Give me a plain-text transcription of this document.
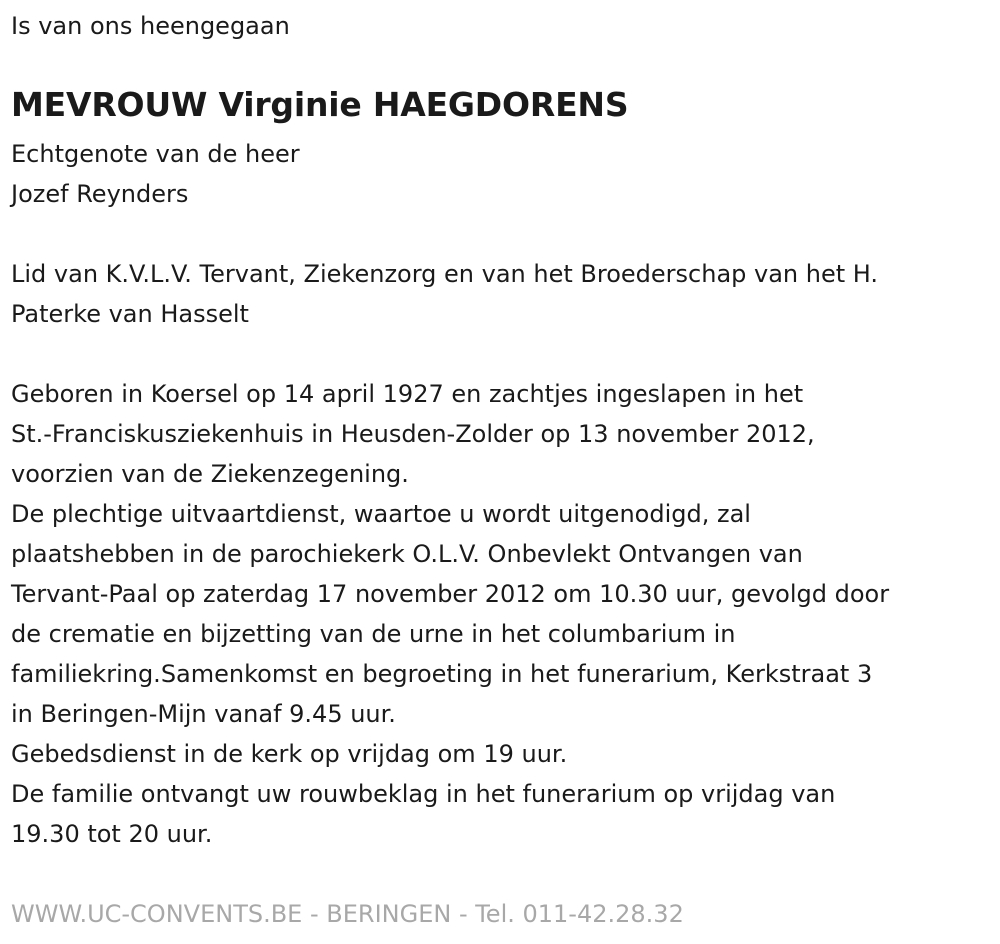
Is van ons heengegaan
MEVROUW Virginie HAEGDORENS
Echtgenote van de heer
Jozef Reynders
Lid van K.V.L.V. Tervant, Ziekenzorg en van het Broederschap van het H.
Paterke van Hasselt
Geboren in Koersel op 14 april 1927 en zachtjes ingeslapen in het
St.-Franciskusziekenhuis in Heusden-Zolder op 13 november 2012,
voorzien van de Ziekenzegening.
De plechtige uitvaartdienst, waartoe u wordt uitgenodigd, zal
plaatshebben in de parochiekerk O.L.V. Onbevlekt Ontvangen van
Tervant-Paal op zaterdag 17 november 2012 om 10.30 uur, gevolgd door
de crematie en bijzetting van de urne in het columbarium in
familiekring.Samenkomst en begroeting in het funerarium, Kerkstraat 3
in Beringen-Mijn vanaf 9.45 uur.
Gebedsdienst in de kerk op vrijdag om 19 uur.
De familie ontvangt uw rouwbeklag in het funerarium op vrijdag van
19.30 tot 20 uur.
WWW.UC-CONVENTS.BE - BERINGEN - Tel. 011-42.28.32
